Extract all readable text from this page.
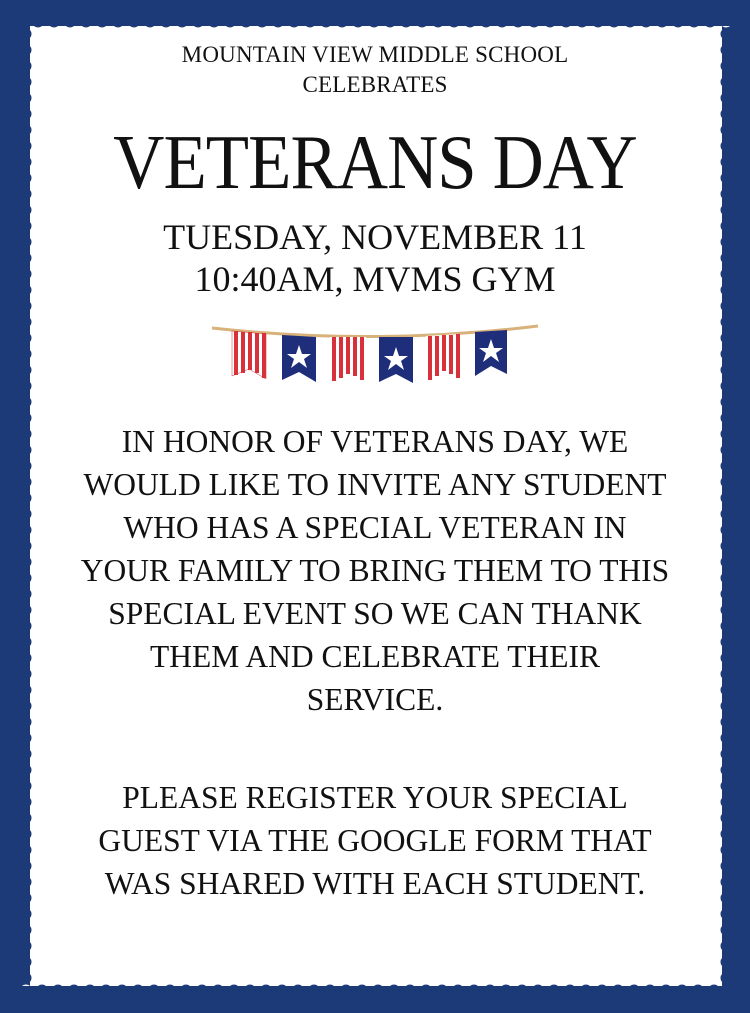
MOUNTAIN VIEW MIDDLE SCHOOL
CELEBRATES
VETERANS DAY
TUESDAY, NOVEMBER 11
10:40AM, MVMS GYM
IN HONOR OF VETERANS DAY, WE
WOULD LIKE TO INVITE ANY STUDENT
WHO HAS A SPECIAL VETERAN IN
YOUR FAMILY TO BRING THEM TO THIS
SPECIAL EVENT SO WE CAN THANK
THEM AND CELEBRATE THEIR
SERVICE.
PLEASE REGISTER YOUR SPECIAL
GUEST VIA THE GOOGLE FORM THAT
WAS SHARED WITH EACH STUDENT.
